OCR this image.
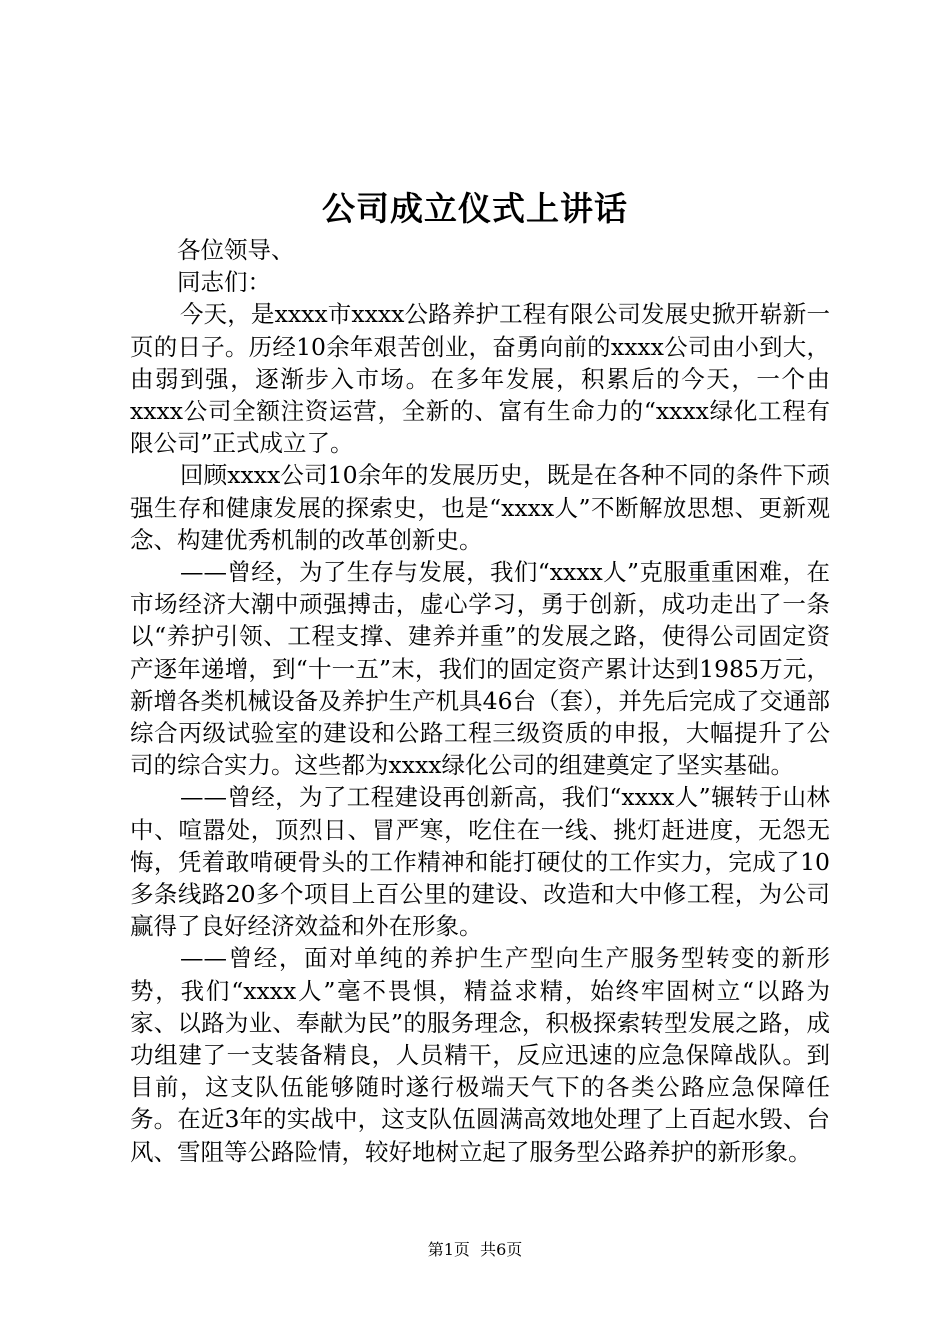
公司成立仪式上讲话

各位领导、

同志们：

今天，是xxxx市xxxx公路养护工程有限公司发展史掀开崭新一页的日子。历经10余年艰苦创业，奋勇向前的xxxx公司由小到大，由弱到强，逐渐步入市场。在多年发展，积累后的今天，一个由xxxx公司全额注资运营，全新的、富有生命力的“xxxx绿化工程有限公司”正式成立了。

回顾xxxx公司10余年的发展历史，既是在各种不同的条件下顽强生存和健康发展的探索史，也是“xxxx人”不断解放思想、更新观念、构建优秀机制的改革创新史。

——曾经，为了生存与发展，我们“xxxx人”克服重重困难，在市场经济大潮中顽强搏击，虚心学习，勇于创新，成功走出了一条以“养护引领、工程支撑、建养并重”的发展之路，使得公司固定资产逐年递增，到“十一五”末，我们的固定资产累计达到1985万元，新增各类机械设备及养护生产机具46台（套），并先后完成了交通部综合丙级试验室的建设和公路工程三级资质的申报，大幅提升了公司的综合实力。这些都为xxxx绿化公司的组建奠定了坚实基础。

——曾经，为了工程建设再创新高，我们“xxxx人”辗转于山林中、喧嚣处，顶烈日、冒严寒，吃住在一线、挑灯赶进度，无怨无悔，凭着敢啃硬骨头的工作精神和能打硬仗的工作实力，完成了10多条线路20多个项目上百公里的建设、改造和大中修工程，为公司赢得了良好经济效益和外在形象。

——曾经，面对单纯的养护生产型向生产服务型转变的新形势，我们“xxxx人”毫不畏惧，精益求精，始终牢固树立“以路为家、以路为业、奉献为民”的服务理念，积极探索转型发展之路，成功组建了一支装备精良，人员精干，反应迅速的应急保障战队。到目前，这支队伍能够随时遂行极端天气下的各类公路应急保障任务。在近3年的实战中，这支队伍圆满高效地处理了上百起水毁、台风、雪阻等公路险情，较好地树立起了服务型公路养护的新形象。

第1页 共6页
